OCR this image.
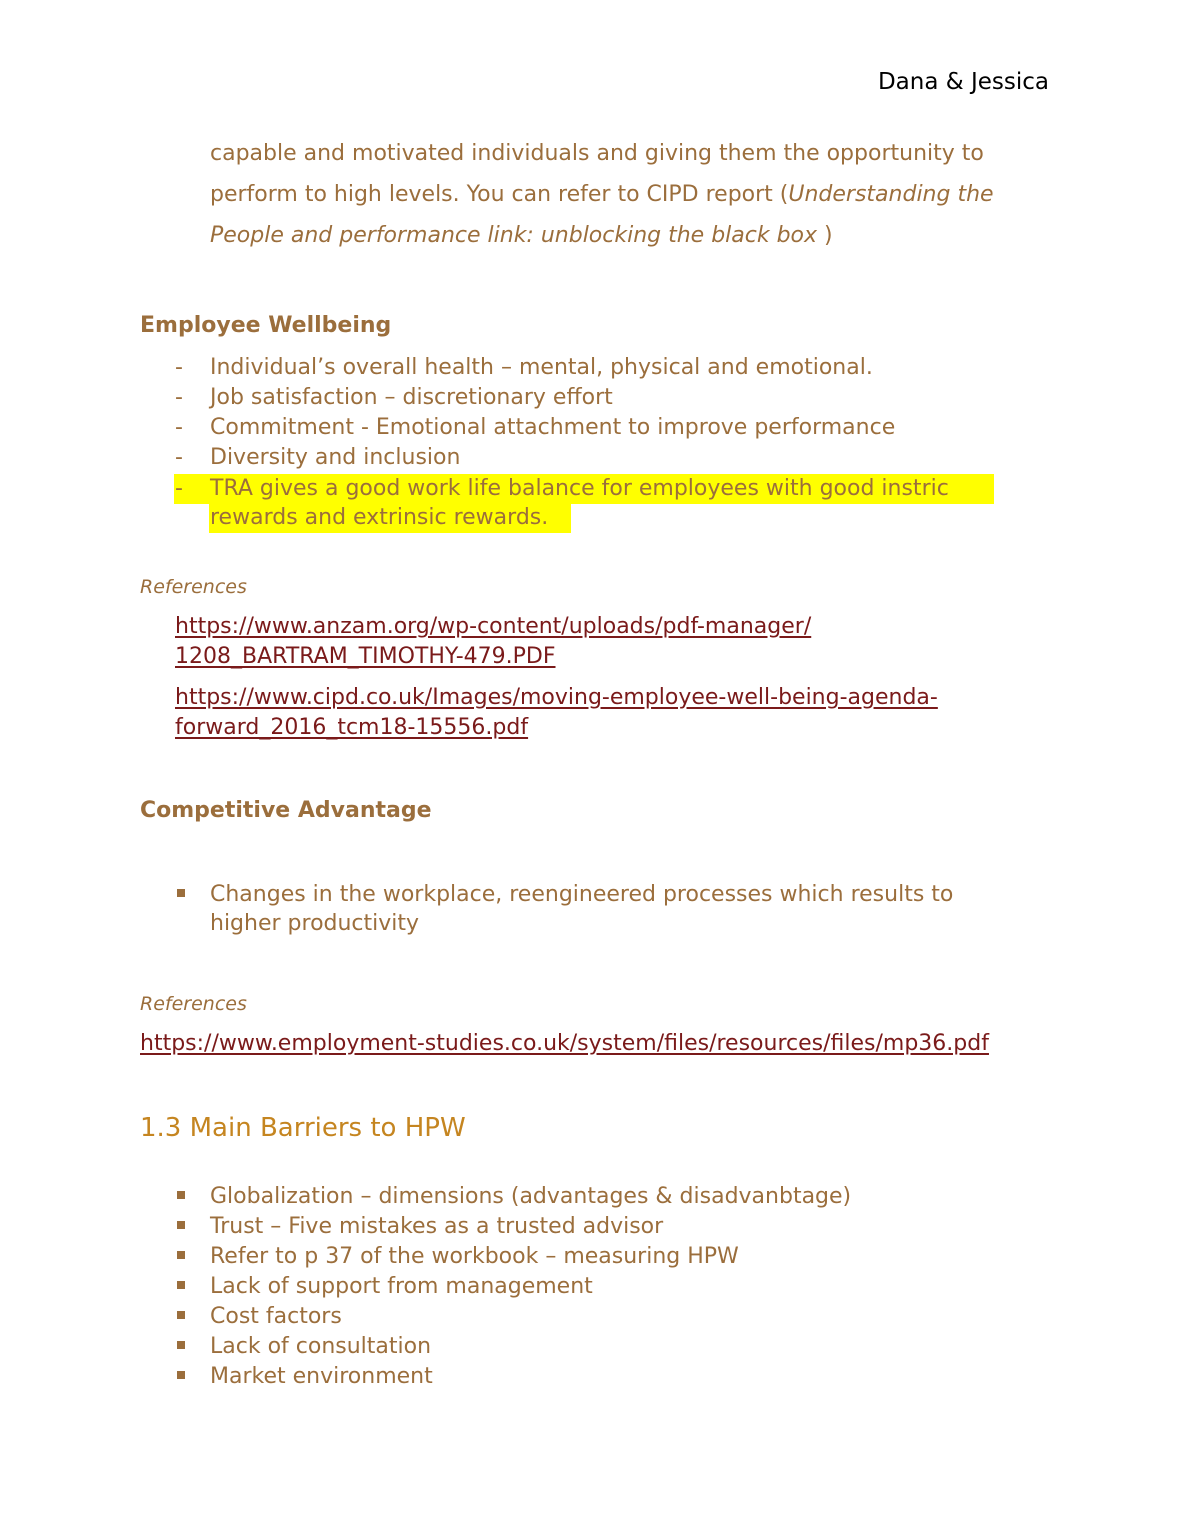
Dana & Jessica
capable and motivated individuals and giving them the opportunity to
perform to high levels. You can refer to CIPD report (Understanding the
People and performance link: unblocking the black box )
Employee Wellbeing
- Individual’s overall health – mental, physical and emotional.
- Job satisfaction – discretionary effort
- Commitment - Emotional attachment to improve performance
- Diversity and inclusion
- TRA gives a good work life balance for employees with good instric
rewards and extrinsic rewards.
References
https://www.anzam.org/wp-content/uploads/pdf-manager/
1208_BARTRAM_TIMOTHY-479.PDF
https://www.cipd.co.uk/Images/moving-employee-well-being-agenda-
forward_2016_tcm18-15556.pdf
Competitive Advantage
Changes in the workplace, reengineered processes which results to
higher productivity
References
https://www.employment-studies.co.uk/system/files/resources/files/mp36.pdf
1.3 Main Barriers to HPW
Globalization – dimensions (advantages & disadvanbtage)
Trust – Five mistakes as a trusted advisor
Refer to p 37 of the workbook – measuring HPW
Lack of support from management
Cost factors
Lack of consultation
Market environment
